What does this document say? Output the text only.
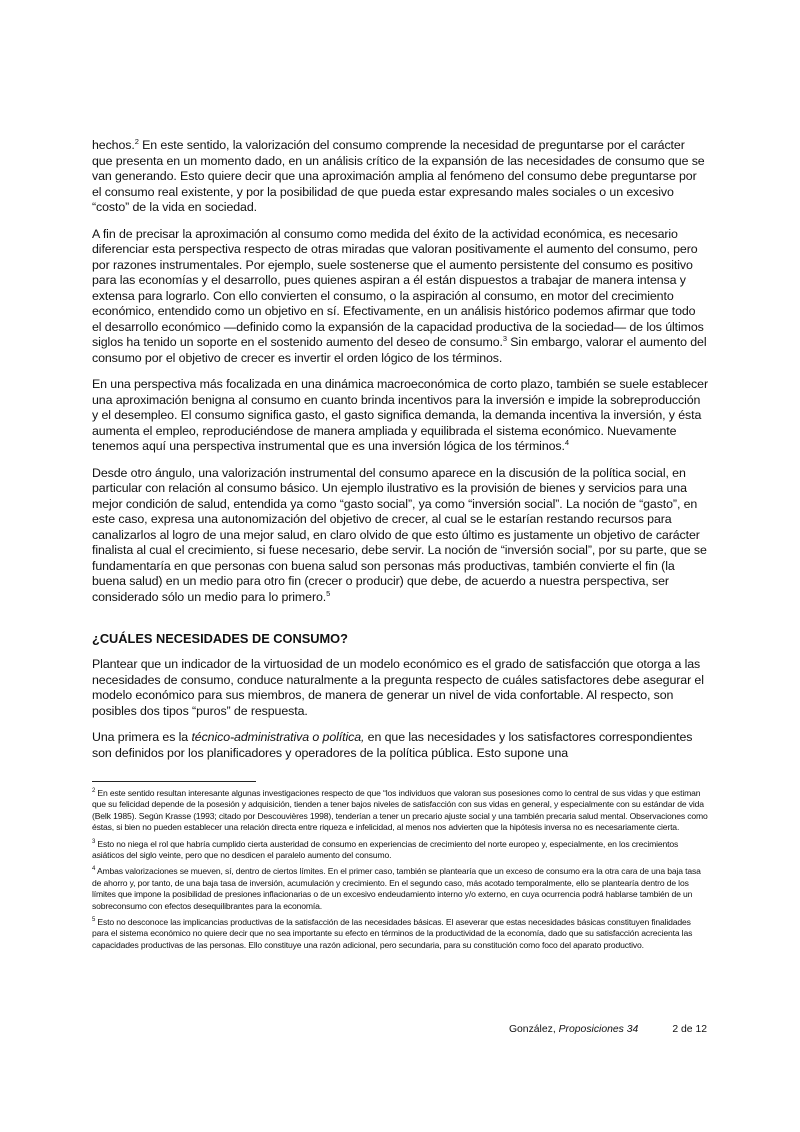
hechos.$^2$ En este sentido, la valorización del consumo comprende la necesidad de preguntarse por el carácter que presenta en un momento dado, en un análisis crítico de la expansión de las necesidades de consumo que se van generando. Esto quiere decir que una aproximación amplia al fenómeno del consumo debe preguntarse por el consumo real existente, y por la posibilidad de que pueda estar expresando males sociales o un excesivo “costo” de la vida en sociedad.

A fin de precisar la aproximación al consumo como medida del éxito de la actividad económica, es necesario diferenciar esta perspectiva respecto de otras miradas que valoran positivamente el aumento del consumo, pero por razones instrumentales. Por ejemplo, suele sostenerse que el aumento persistente del consumo es positivo para las economías y el desarrollo, pues quienes aspiran a él están dispuestos a trabajar de manera intensa y extensa para lograrlo. Con ello convierten el consumo, o la aspiración al consumo, en motor del crecimiento económico, entendido como un objetivo en sí. Efectivamente, en un análisis histórico podemos afirmar que todo el desarrollo económico —definido como la expansión de la capacidad productiva de la sociedad— de los últimos siglos ha tenido un soporte en el sostenido aumento del deseo de consumo.$^3$ Sin embargo, valorar el aumento del consumo por el objetivo de crecer es invertir el orden lógico de los términos.

En una perspectiva más focalizada en una dinámica macroeconómica de corto plazo, también se suele establecer una aproximación benigna al consumo en cuanto brinda incentivos para la inversión e impide la sobreproducción y el desempleo. El consumo significa gasto, el gasto significa demanda, la demanda incentiva la inversión, y ésta aumenta el empleo, reproduciéndose de manera ampliada y equilibrada el sistema económico. Nuevamente tenemos aquí una perspectiva instrumental que es una inversión lógica de los términos.$^4$

Desde otro ángulo, una valorización instrumental del consumo aparece en la discusión de la política social, en particular con relación al consumo básico. Un ejemplo ilustrativo es la provisión de bienes y servicios para una mejor condición de salud, entendida ya como “gasto social”, ya como “inversión social”. La noción de “gasto”, en este caso, expresa una autonomización del objetivo de crecer, al cual se le estarían restando recursos para canalizarlos al logro de una mejor salud, en claro olvido de que esto último es justamente un objetivo de carácter finalista al cual el crecimiento, si fuese necesario, debe servir. La noción de “inversión social”, por su parte, que se fundamentaría en que personas con buena salud son personas más productivas, también convierte el fin (la buena salud) en un medio para otro fin (crecer o producir) que debe, de acuerdo a nuestra perspectiva, ser considerado sólo un medio para lo primero.$^5$

¿CUÁLES NECESIDADES DE CONSUMO?

Plantear que un indicador de la virtuosidad de un modelo económico es el grado de satisfacción que otorga a las necesidades de consumo, conduce naturalmente a la pregunta respecto de cuáles satisfactores debe asegurar el modelo económico para sus miembros, de manera de generar un nivel de vida confortable. Al respecto, son posibles dos tipos “puros” de respuesta.

Una primera es la técnico-administrativa o política, en que las necesidades y los satisfactores correspondientes son definidos por los planificadores y operadores de la política pública. Esto supone una

$^2$ En este sentido resultan interesante algunas investigaciones respecto de que “los individuos que valoran sus posesiones como lo central de sus vidas y que estiman que su felicidad depende de la posesión y adquisición, tienden a tener bajos niveles de satisfacción con sus vidas en general, y especialmente con su estándar de vida (Belk 1985). Según Krasse (1993; citado por Descouvières 1998), tenderían a tener un precario ajuste social y una también precaria salud mental. Observaciones como éstas, si bien no pueden establecer una relación directa entre riqueza e infelicidad, al menos nos advierten que la hipótesis inversa no es necesariamente cierta.

$^3$ Esto no niega el rol que habría cumplido cierta austeridad de consumo en experiencias de crecimiento del norte europeo y, especialmente, en los crecimientos asiáticos del siglo veinte, pero que no desdicen el paralelo aumento del consumo.

$^4$ Ambas valorizaciones se mueven, sí, dentro de ciertos límites. En el primer caso, también se plantearía que un exceso de consumo era la otra cara de una baja tasa de ahorro y, por tanto, de una baja tasa de inversión, acumulación y crecimiento. En el segundo caso, más acotado temporalmente, ello se plantearía dentro de los límites que impone la posibilidad de presiones inflacionarias o de un excesivo endeudamiento interno y/o externo, en cuya ocurrencia podrá hablarse también de un sobreconsumo con efectos desequilibrantes para la economía.

$^5$ Esto no desconoce las implicancias productivas de la satisfacción de las necesidades básicas. El aseverar que estas necesidades básicas constituyen finalidades para el sistema económico no quiere decir que no sea importante su efecto en términos de la productividad de la economía, dado que su satisfacción acrecienta las capacidades productivas de las personas. Ello constituye una razón adicional, pero secundaria, para su constitución como foco del aparato productivo.

González, Proposiciones 34	2 de 12
